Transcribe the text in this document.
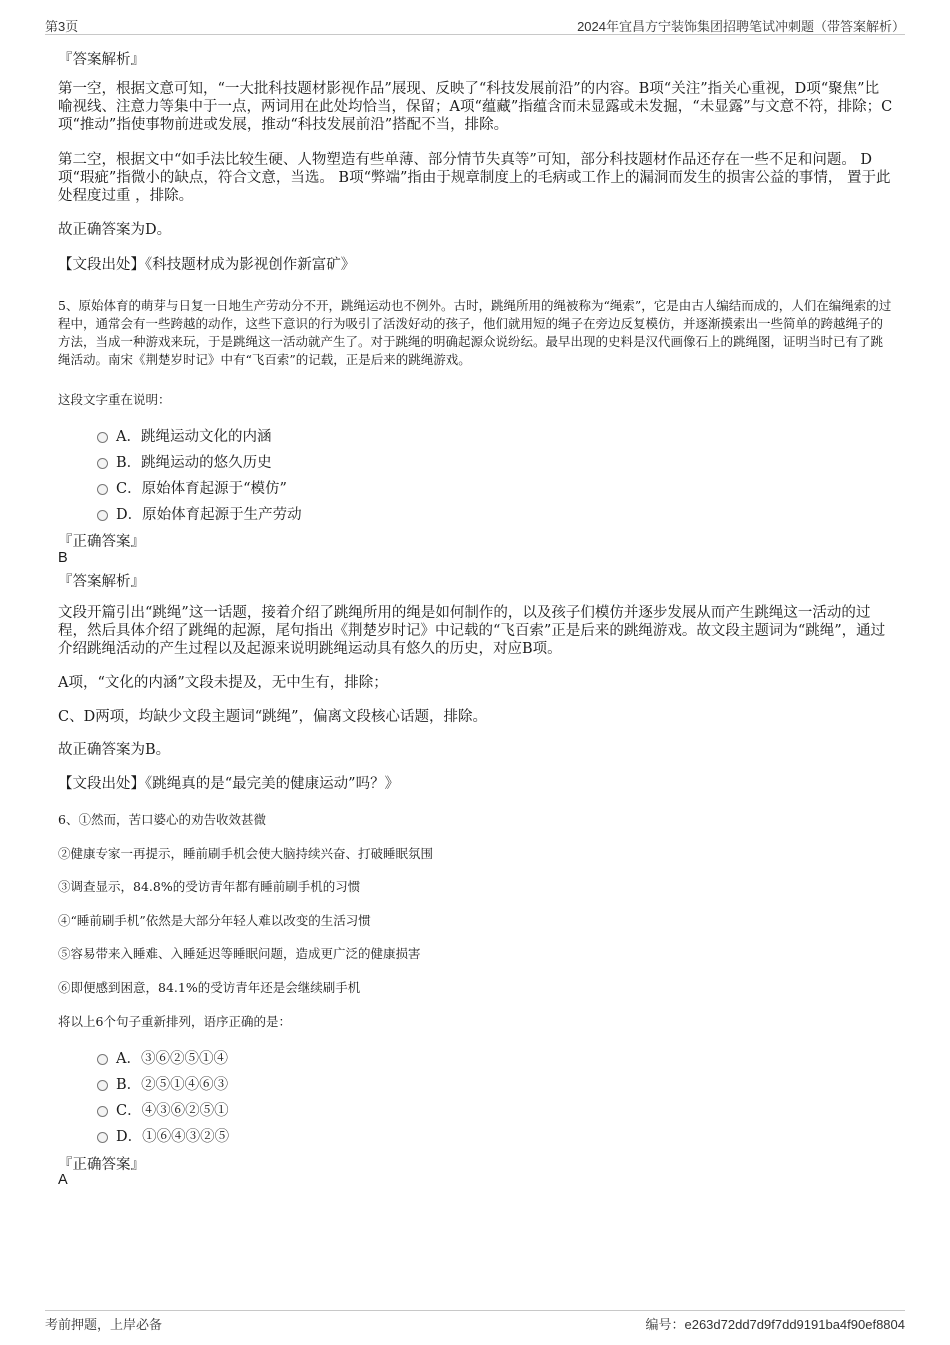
第3页	2024年宜昌方宁装饰集团招聘笔试冲刺题（带答案解析）
『答案解析』
第一空，根据文意可知，“一大批科技题材影视作品”展现、反映了“科技发展前沿”的内容。B项“关注”指关心重视，D项“聚焦”比喻视线、注意力等集中于一点，两词用在此处均恰当，保留；A项“蕴藏”指蕴含而未显露或未发掘，“未显露”与文意不符，排除；C项“推动”指使事物前进或发展，推动“科技发展前沿”搭配不当，排除。
第二空，根据文中“如手法比较生硬、人物塑造有些单薄、部分情节失真等”可知，部分科技题材作品还存在一些不足和问题。 D项“瑕疵”指微小的缺点，符合文意，当选。 B项“弊端”指由于规章制度上的毛病或工作上的漏洞而发生的损害公益的事情， 置于此处程度过重 ，排除。
故正确答案为D。
【文段出处】《科技题材成为影视创作新富矿》
5、原始体育的萌芽与日复一日地生产劳动分不开，跳绳运动也不例外。古时，跳绳所用的绳被称为“绳索”，它是由古人编结而成的，人们在编绳索的过程中，通常会有一些跨越的动作，这些下意识的行为吸引了活泼好动的孩子，他们就用短的绳子在旁边反复模仿，并逐渐摸索出一些简单的跨越绳子的方法，当成一种游戏来玩，于是跳绳这一活动就产生了。对于跳绳的明确起源众说纷纭。最早出现的史料是汉代画像石上的跳绳图，证明当时已有了跳绳活动。南宋《荆楚岁时记》中有“飞百索”的记载，正是后来的跳绳游戏。
这段文字重在说明：
A．跳绳运动文化的内涵
B．跳绳运动的悠久历史
C．原始体育起源于“模仿”
D．原始体育起源于生产劳动
『正确答案』
B
『答案解析』
文段开篇引出“跳绳”这一话题，接着介绍了跳绳所用的绳是如何制作的，以及孩子们模仿并逐步发展从而产生跳绳这一活动的过程，然后具体介绍了跳绳的起源，尾句指出《荆楚岁时记》中记载的“飞百索”正是后来的跳绳游戏。故文段主题词为“跳绳”，通过介绍跳绳活动的产生过程以及起源来说明跳绳运动具有悠久的历史，对应B项。
A项，“文化的内涵”文段未提及，无中生有，排除；
C、D两项，均缺少文段主题词“跳绳”，偏离文段核心话题，排除。
故正确答案为B。
【文段出处】《跳绳真的是“最完美的健康运动”吗？》
6、①然而，苦口婆心的劝告收效甚微
②健康专家一再提示，睡前刷手机会使大脑持续兴奋、打破睡眠氛围
③调查显示，84.8%的受访青年都有睡前刷手机的习惯
④“睡前刷手机”依然是大部分年轻人难以改变的生活习惯
⑤容易带来入睡难、入睡延迟等睡眠问题，造成更广泛的健康损害
⑥即便感到困意，84.1%的受访青年还是会继续刷手机
将以上6个句子重新排列，语序正确的是：
A．③⑥②⑤①④
B．②⑤①④⑥③
C．④③⑥②⑤①
D．①⑥④③②⑤
『正确答案』
A
考前押题，上岸必备	编号：e263d72dd7d9f7dd9191ba4f90ef8804
